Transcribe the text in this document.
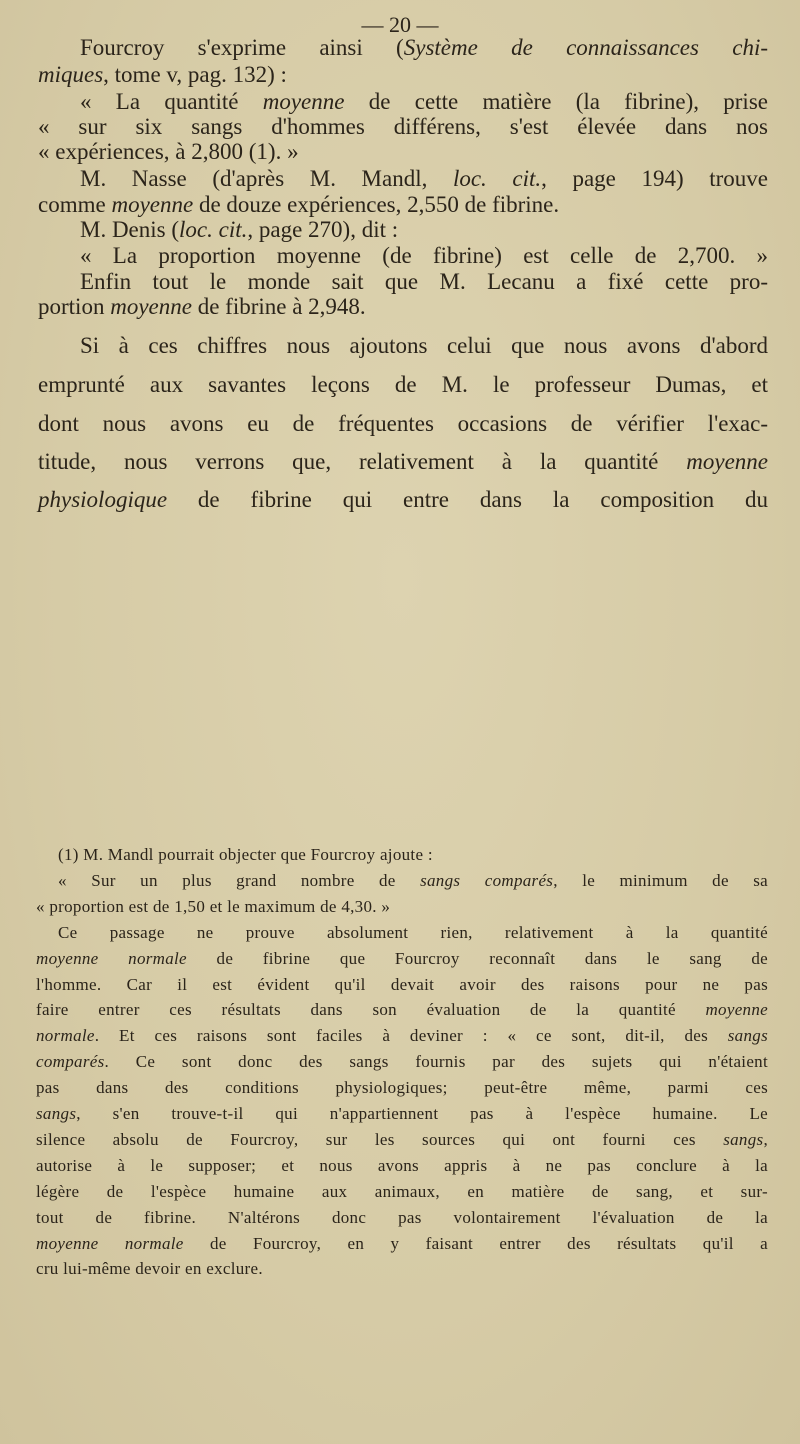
— 20 —
Fourcroy s'exprime ainsi (Système de connaissances chi-
miques, tome v, pag. 132) :
« La quantité moyenne de cette matière (la fibrine), prise
« sur six sangs d'hommes différens, s'est élevée dans nos
« expériences, à 2,800 (1). »
M. Nasse (d'après M. Mandl, loc. cit., page 194) trouve
comme moyenne de douze expériences, 2,550 de fibrine.
M. Denis (loc. cit., page 270), dit :
« La proportion moyenne (de fibrine) est celle de 2,700. »
Enfin tout le monde sait que M. Lecanu a fixé cette pro-
portion moyenne de fibrine à 2,948.
Si à ces chiffres nous ajoutons celui que nous avons d'abord
emprunté aux savantes leçons de M. le professeur Dumas, et
dont nous avons eu de fréquentes occasions de vérifier l'exac-
titude, nous verrons que, relativement à la quantité moyenne
physiologique de fibrine qui entre dans la composition du
(1) M. Mandl pourrait objecter que Fourcroy ajoute :
« Sur un plus grand nombre de sangs comparés, le minimum de sa
« proportion est de 1,50 et le maximum de 4,30. »
Ce passage ne prouve absolument rien, relativement à la quantité
moyenne normale de fibrine que Fourcroy reconnaît dans le sang de
l'homme. Car il est évident qu'il devait avoir des raisons pour ne pas
faire entrer ces résultats dans son évaluation de la quantité moyenne
normale. Et ces raisons sont faciles à deviner : « ce sont, dit-il, des sangs
comparés. Ce sont donc des sangs fournis par des sujets qui n'étaient
pas dans des conditions physiologiques; peut-être même, parmi ces
sangs, s'en trouve-t-il qui n'appartiennent pas à l'espèce humaine. Le
silence absolu de Fourcroy, sur les sources qui ont fourni ces sangs,
autorise à le supposer; et nous avons appris à ne pas conclure à la
légère de l'espèce humaine aux animaux, en matière de sang, et sur-
tout de fibrine. N'altérons donc pas volontairement l'évaluation de la
moyenne normale de Fourcroy, en y faisant entrer des résultats qu'il a
cru lui-même devoir en exclure.
